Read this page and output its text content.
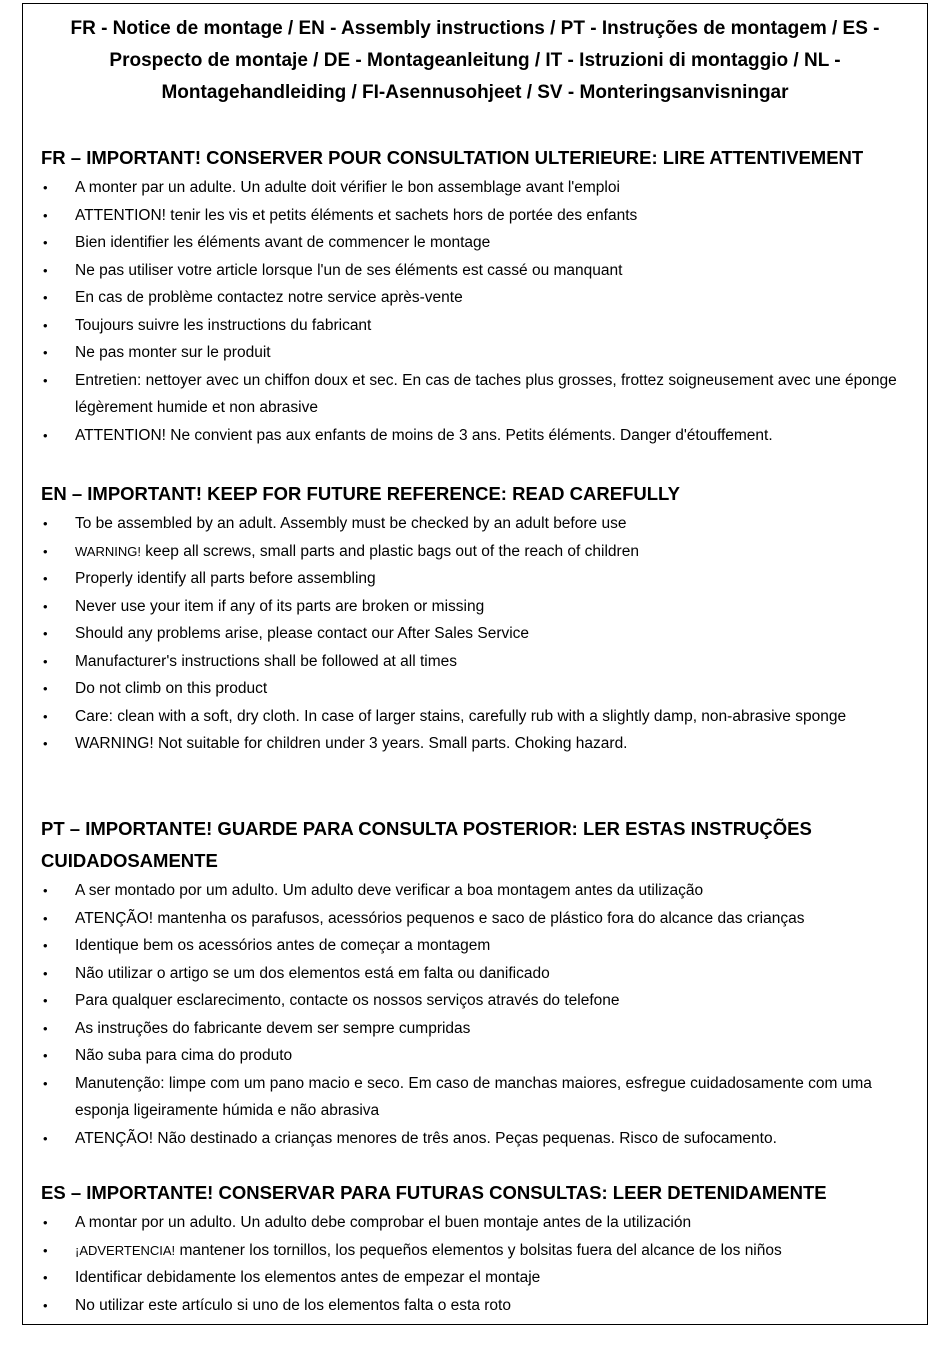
FR - Notice de montage / EN - Assembly instructions / PT - Instruções de montagem / ES -
Prospecto de montaje / DE - Montageanleitung / IT - Istruzioni di montaggio / NL -
Montagehandleiding / FI-Asennusohjeet / SV - Monteringsanvisningar
FR – IMPORTANT! CONSERVER POUR CONSULTATION ULTERIEURE: LIRE ATTENTIVEMENT
• A monter par un adulte. Un adulte doit vérifier le bon assemblage avant l'emploi
• ATTENTION! tenir les vis et petits éléments et sachets hors de portée des enfants
• Bien identifier les éléments avant de commencer le montage
• Ne pas utiliser votre article lorsque l'un de ses éléments est cassé ou manquant
• En cas de problème contactez notre service après-vente
• Toujours suivre les instructions du fabricant
• Ne pas monter sur le produit
• Entretien: nettoyer avec un chiffon doux et sec. En cas de taches plus grosses, frottez soigneusement avec une éponge légèrement humide et non abrasive
• ATTENTION! Ne convient pas aux enfants de moins de 3 ans. Petits éléments. Danger d'étouffement.
EN – IMPORTANT! KEEP FOR FUTURE REFERENCE: READ CAREFULLY
• To be assembled by an adult. Assembly must be checked by an adult before use
• WARNING! keep all screws, small parts and plastic bags out of the reach of children
• Properly identify all parts before assembling
• Never use your item if any of its parts are broken or missing
• Should any problems arise, please contact our After Sales Service
• Manufacturer's instructions shall be followed at all times
• Do not climb on this product
• Care: clean with a soft, dry cloth. In case of larger stains, carefully rub with a slightly damp, non-abrasive sponge
• WARNING! Not suitable for children under 3 years. Small parts. Choking hazard.
PT – IMPORTANTE! GUARDE PARA CONSULTA POSTERIOR: LER ESTAS INSTRUÇÕES
CUIDADOSAMENTE
• A ser montado por um adulto. Um adulto deve verificar a boa montagem antes da utilização
• ATENÇÃO! mantenha os parafusos, acessórios pequenos e saco de plástico fora do alcance das crianças
• Identique bem os acessórios antes de começar a montagem
• Não utilizar o artigo se um dos elementos está em falta ou danificado
• Para qualquer esclarecimento, contacte os nossos serviços através do telefone
• As instruções do fabricante devem ser sempre cumpridas
• Não suba para cima do produto
• Manutenção: limpe com um pano macio e seco. Em caso de manchas maiores, esfregue cuidadosamente com uma esponja ligeiramente húmida e não abrasiva
• ATENÇÃO! Não destinado a crianças menores de três anos. Peças pequenas. Risco de sufocamento.
ES – IMPORTANTE! CONSERVAR PARA FUTURAS CONSULTAS: LEER DETENIDAMENTE
• A montar por un adulto. Un adulto debe comprobar el buen montaje antes de la utilización
• ¡ADVERTENCIA! mantener los tornillos, los pequeños elementos y bolsitas fuera del alcance de los niños
• Identificar debidamente los elementos antes de empezar el montaje
• No utilizar este artículo si uno de los elementos falta o esta roto
